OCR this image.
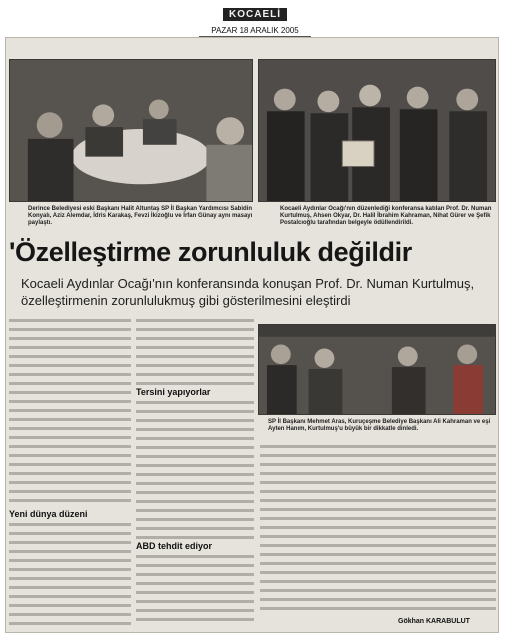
KOCAELİ
PAZAR 18 ARALIK 2005
Derince Belediyesi eski Başkanı Halit Altuntaş SP İl Başkan Yardımcısı Sabidin Konyalı, Aziz Alemdar, İdris Karakaş, Fevzi İkizoğlu ve İrfan Günay aynı masayı paylaştı.
Kocaeli Aydınlar Ocağı'nın düzenlediği konferansa katılan Prof. Dr. Numan Kurtulmuş, Ahsen Okyar, Dr. Halil İbrahim Kahraman, Nihat Gürer ve Şefik Postalcıoğlu tarafından belgeyle ödüllendirildi.
'Özelleştirme zorunluluk değildir
Kocaeli Aydınlar Ocağı'nın konferansında konuşan Prof. Dr. Numan Kurtulmuş, özelleştirmenin zorunlulukmuş gibi gösterilmesini eleştirdi
Yeni dünya düzeni
Tersini yapıyorlar
ABD tehdit ediyor
SP İl Başkanı Mehmet Aras, Kuruçeşme Belediye Başkanı Ali Kahraman ve eşi Ayten Hanım, Kurtulmuş'u büyük bir dikkatle dinledi.
Gökhan KARABULUT
